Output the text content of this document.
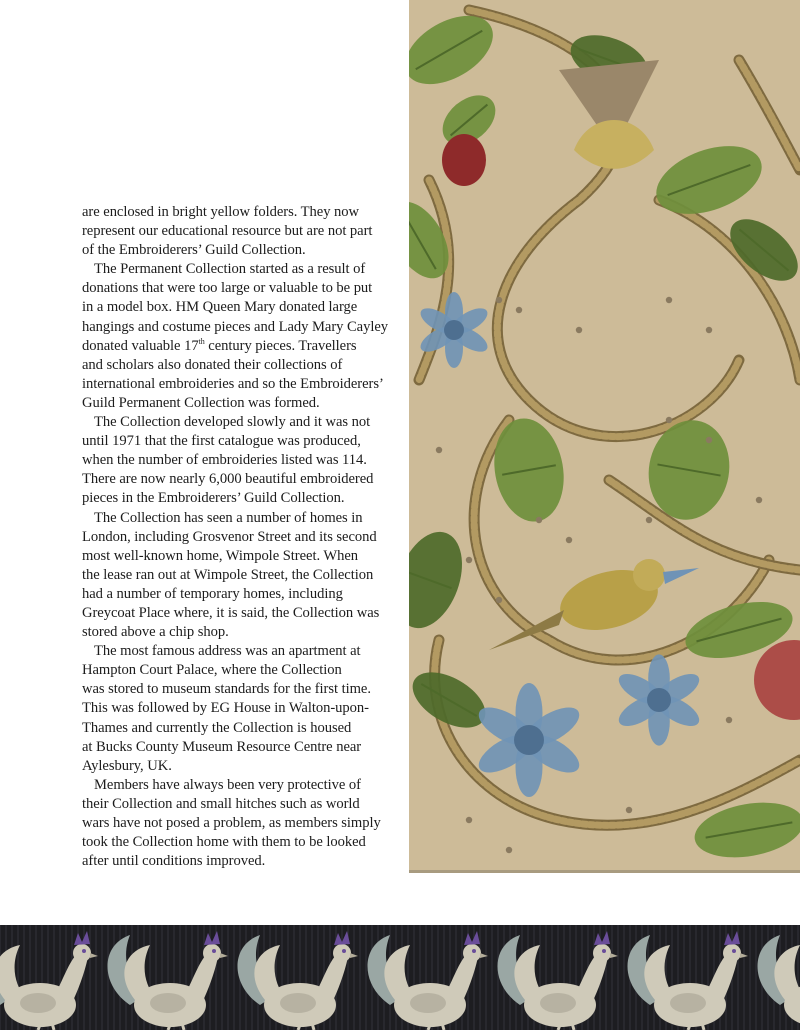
are enclosed in bright yellow folders. They now
represent our educational resource but are not part
of the Embroiderers’ Guild Collection.

The Permanent Collection started as a result of
donations that were too large or valuable to be put
in a model box. HM Queen Mary donated large
hangings and costume pieces and Lady Mary Cayley
donated valuable 17th century pieces. Travellers
and scholars also donated their collections of
international embroideries and so the Embroiderers’
Guild Permanent Collection was formed.

The Collection developed slowly and it was not
until 1971 that the first catalogue was produced,
when the number of embroideries listed was 114.
There are now nearly 6,000 beautiful embroidered
pieces in the Embroiderers’ Guild Collection.

The Collection has seen a number of homes in
London, including Grosvenor Street and its second
most well-known home, Wimpole Street. When
the lease ran out at Wimpole Street, the Collection
had a number of temporary homes, including
Greycoat Place where, it is said, the Collection was
stored above a chip shop.

The most famous address was an apartment at
Hampton Court Palace, where the Collection
was stored to museum standards for the first time.
This was followed by EG House in Walton-upon-
Thames and currently the Collection is housed
at Bucks County Museum Resource Centre near
Aylesbury, UK.

Members have always been very protective of
their Collection and small hitches such as world
wars have not posed a problem, as members simply
took the Collection home with them to be looked
after until conditions improved.
